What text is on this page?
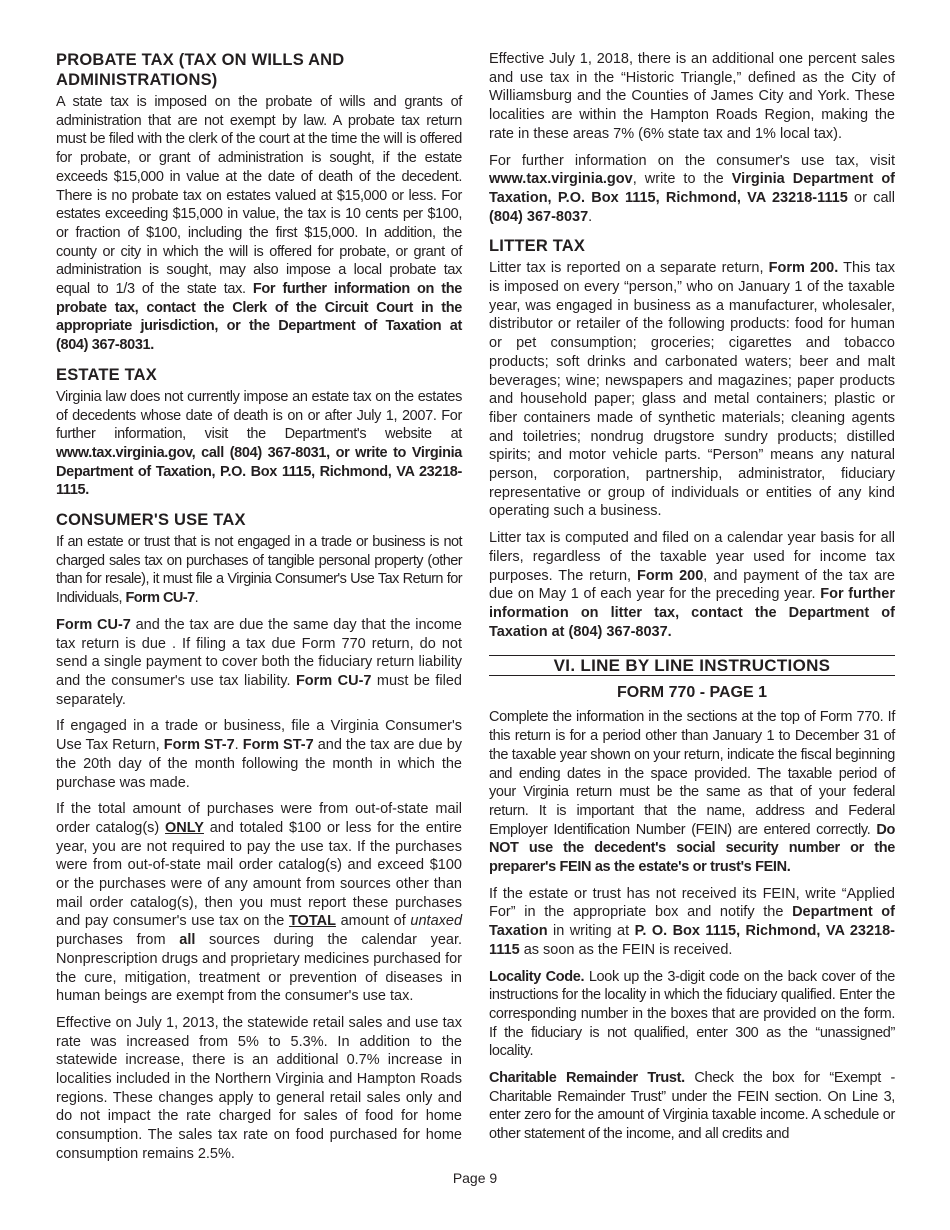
PROBATE TAX (TAX ON WILLS AND ADMINISTRATIONS)

A state tax is imposed on the probate of wills and grants of administration that are not exempt by law. A probate tax return must be filed with the clerk of the court at the time the will is offered for probate, or grant of administration is sought, if the estate exceeds $15,000 in value at the date of death of the decedent. There is no probate tax on estates valued at $15,000 or less. For estates exceeding $15,000 in value, the tax is 10 cents per $100, or fraction of $100, including the first $15,000. In addition, the county or city in which the will is offered for probate, or grant of administration is sought, may also impose a local probate tax equal to 1/3 of the state tax. For further information on the probate tax, contact the Clerk of the Circuit Court in the appropriate jurisdiction, or the Department of Taxation at (804) 367-8031.

ESTATE TAX

Virginia law does not currently impose an estate tax on the estates of decedents whose date of death is on or after July 1, 2007. For further information, visit the Department's website at www.tax.virginia.gov, call (804) 367-8031, or write to Virginia Department of Taxation, P.O. Box 1115, Richmond, VA 23218-1115.

CONSUMER'S USE TAX

If an estate or trust that is not engaged in a trade or business is not charged sales tax on purchases of tangible personal property (other than for resale), it must file a Virginia Consumer's Use Tax Return for Individuals, Form CU-7.

Form CU-7 and the tax are due the same day that the income tax return is due . If filing a tax due Form 770 return, do not send a single payment to cover both the fiduciary return liability and the consumer's use tax liability. Form CU-7 must be filed separately.

If engaged in a trade or business, file a Virginia Consumer's Use Tax Return, Form ST-7. Form ST-7 and the tax are due by the 20th day of the month following the month in which the purchase was made.

If the total amount of purchases were from out-of-state mail order catalog(s) ONLY and totaled $100 or less for the entire year, you are not required to pay the use tax. If the purchases were from out-of-state mail order catalog(s) and exceed $100 or the purchases were of any amount from sources other than mail order catalog(s), then you must report these purchases and pay consumer's use tax on the TOTAL amount of untaxed purchases from all sources during the calendar year. Nonprescription drugs and proprietary medicines purchased for the cure, mitigation, treatment or prevention of diseases in human beings are exempt from the consumer's use tax.

Effective on July 1, 2013, the statewide retail sales and use tax rate was increased from 5% to 5.3%. In addition to the statewide increase, there is an additional 0.7% increase in localities included in the Northern Virginia and Hampton Roads regions. These changes apply to general retail sales only and do not impact the rate charged for sales of food for home consumption. The sales tax rate on food purchased for home consumption remains 2.5%.

Effective July 1, 2018, there is an additional one percent sales and use tax in the “Historic Triangle,” defined as the City of Williamsburg and the Counties of James City and York. These localities are within the Hampton Roads Region, making the rate in these areas 7% (6% state tax and 1% local tax).

For further information on the consumer's use tax, visit www.tax.virginia.gov, write to the Virginia Department of Taxation, P.O. Box 1115, Richmond, VA 23218-1115 or call (804) 367-8037.

LITTER TAX

Litter tax is reported on a separate return, Form 200. This tax is imposed on every “person,” who on January 1 of the taxable year, was engaged in business as a manufacturer, wholesaler, distributor or retailer of the following products: food for human or pet consumption; groceries; cigarettes and tobacco products; soft drinks and carbonated waters; beer and malt beverages; wine; newspapers and magazines; paper products and household paper; glass and metal containers; plastic or fiber containers made of synthetic materials; cleaning agents and toiletries; nondrug drugstore sundry products; distilled spirits; and motor vehicle parts. “Person” means any natural person, corporation, partnership, administrator, fiduciary representative or group of individuals or entities of any kind operating such a business.

Litter tax is computed and filed on a calendar year basis for all filers, regardless of the taxable year used for income tax purposes. The return, Form 200, and payment of the tax are due on May 1 of each year for the preceding year. For further information on litter tax, contact the Department of Taxation at (804) 367-8037.

VI. LINE BY LINE INSTRUCTIONS
FORM 770 - PAGE 1

Complete the information in the sections at the top of Form 770. If this return is for a period other than January 1 to December 31 of the taxable year shown on your return, indicate the fiscal beginning and ending dates in the space provided. The taxable period of your Virginia return must be the same as that of your federal return. It is important that the name, address and Federal Employer Identification Number (FEIN) are entered correctly. Do NOT use the decedent's social security number or the preparer's FEIN as the estate's or trust's FEIN.

If the estate or trust has not received its FEIN, write “Applied For” in the appropriate box and notify the Department of Taxation in writing at P. O. Box 1115, Richmond, VA 23218-1115 as soon as the FEIN is received.

Locality Code. Look up the 3-digit code on the back cover of the instructions for the locality in which the fiduciary qualified. Enter the corresponding number in the boxes that are provided on the form. If the fiduciary is not qualified, enter 300 as the “unassigned” locality.

Charitable Remainder Trust. Check the box for “Exempt - Charitable Remainder Trust” under the FEIN section. On Line 3, enter zero for the amount of Virginia taxable income. A schedule or other statement of the income, and all credits and

Page 9
